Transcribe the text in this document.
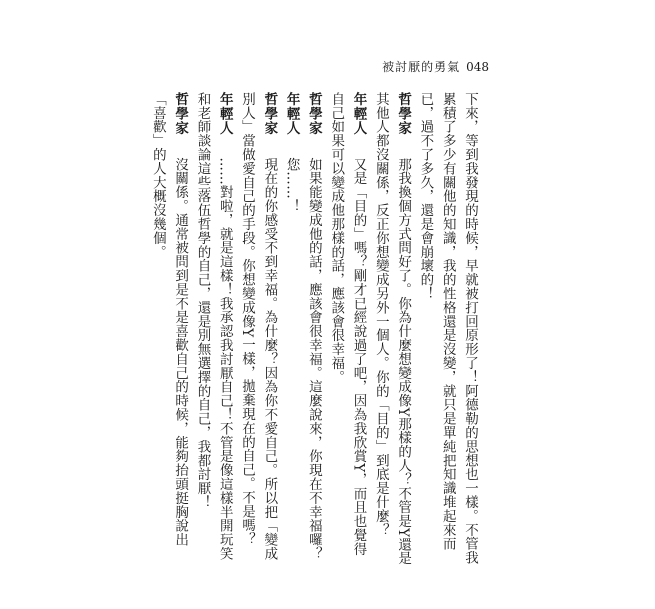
被討厭的勇氣 048

下來，等到我發現的時候，早就被打回原形了！阿德勒的思想也一樣。不管我累積了多少有關他的知識，我的性格還是沒變，就只是單純把知識堆起來而已，過不了多久，還是會崩壞的！

哲學家　那我換個方式問好了。你為什麼想變成像Y那樣的人？不管是Y還是其他人都沒關係，反正你想變成另外一個人。你的「目的」到底是什麼？

年輕人　又是「目的」嗎？剛才已經說過了吧，因為我欣賞Y，而且也覺得自己如果可以變成他那樣的話，應該會很幸福。

哲學家　如果能變成他的話，應該會很幸福。這麼說來，你現在不幸福囉？

年輕人　您……！

哲學家　現在的你感受不到幸福。為什麼？因為你不愛自己。所以把「變成別人」當做愛自己的手段。你想變成像Y一樣，拋棄現在的自己。不是嗎？

年輕人　……對啦，就是這樣！我承認我討厭自己！不管是像這樣半開玩笑和老師談論這些落伍哲學的自己，還是別無選擇的自己，我都討厭！

哲學家　沒關係。通常被問到是不是喜歡自己的時候，能夠抬頭挺胸說出「喜歡」的人大概沒幾個。
